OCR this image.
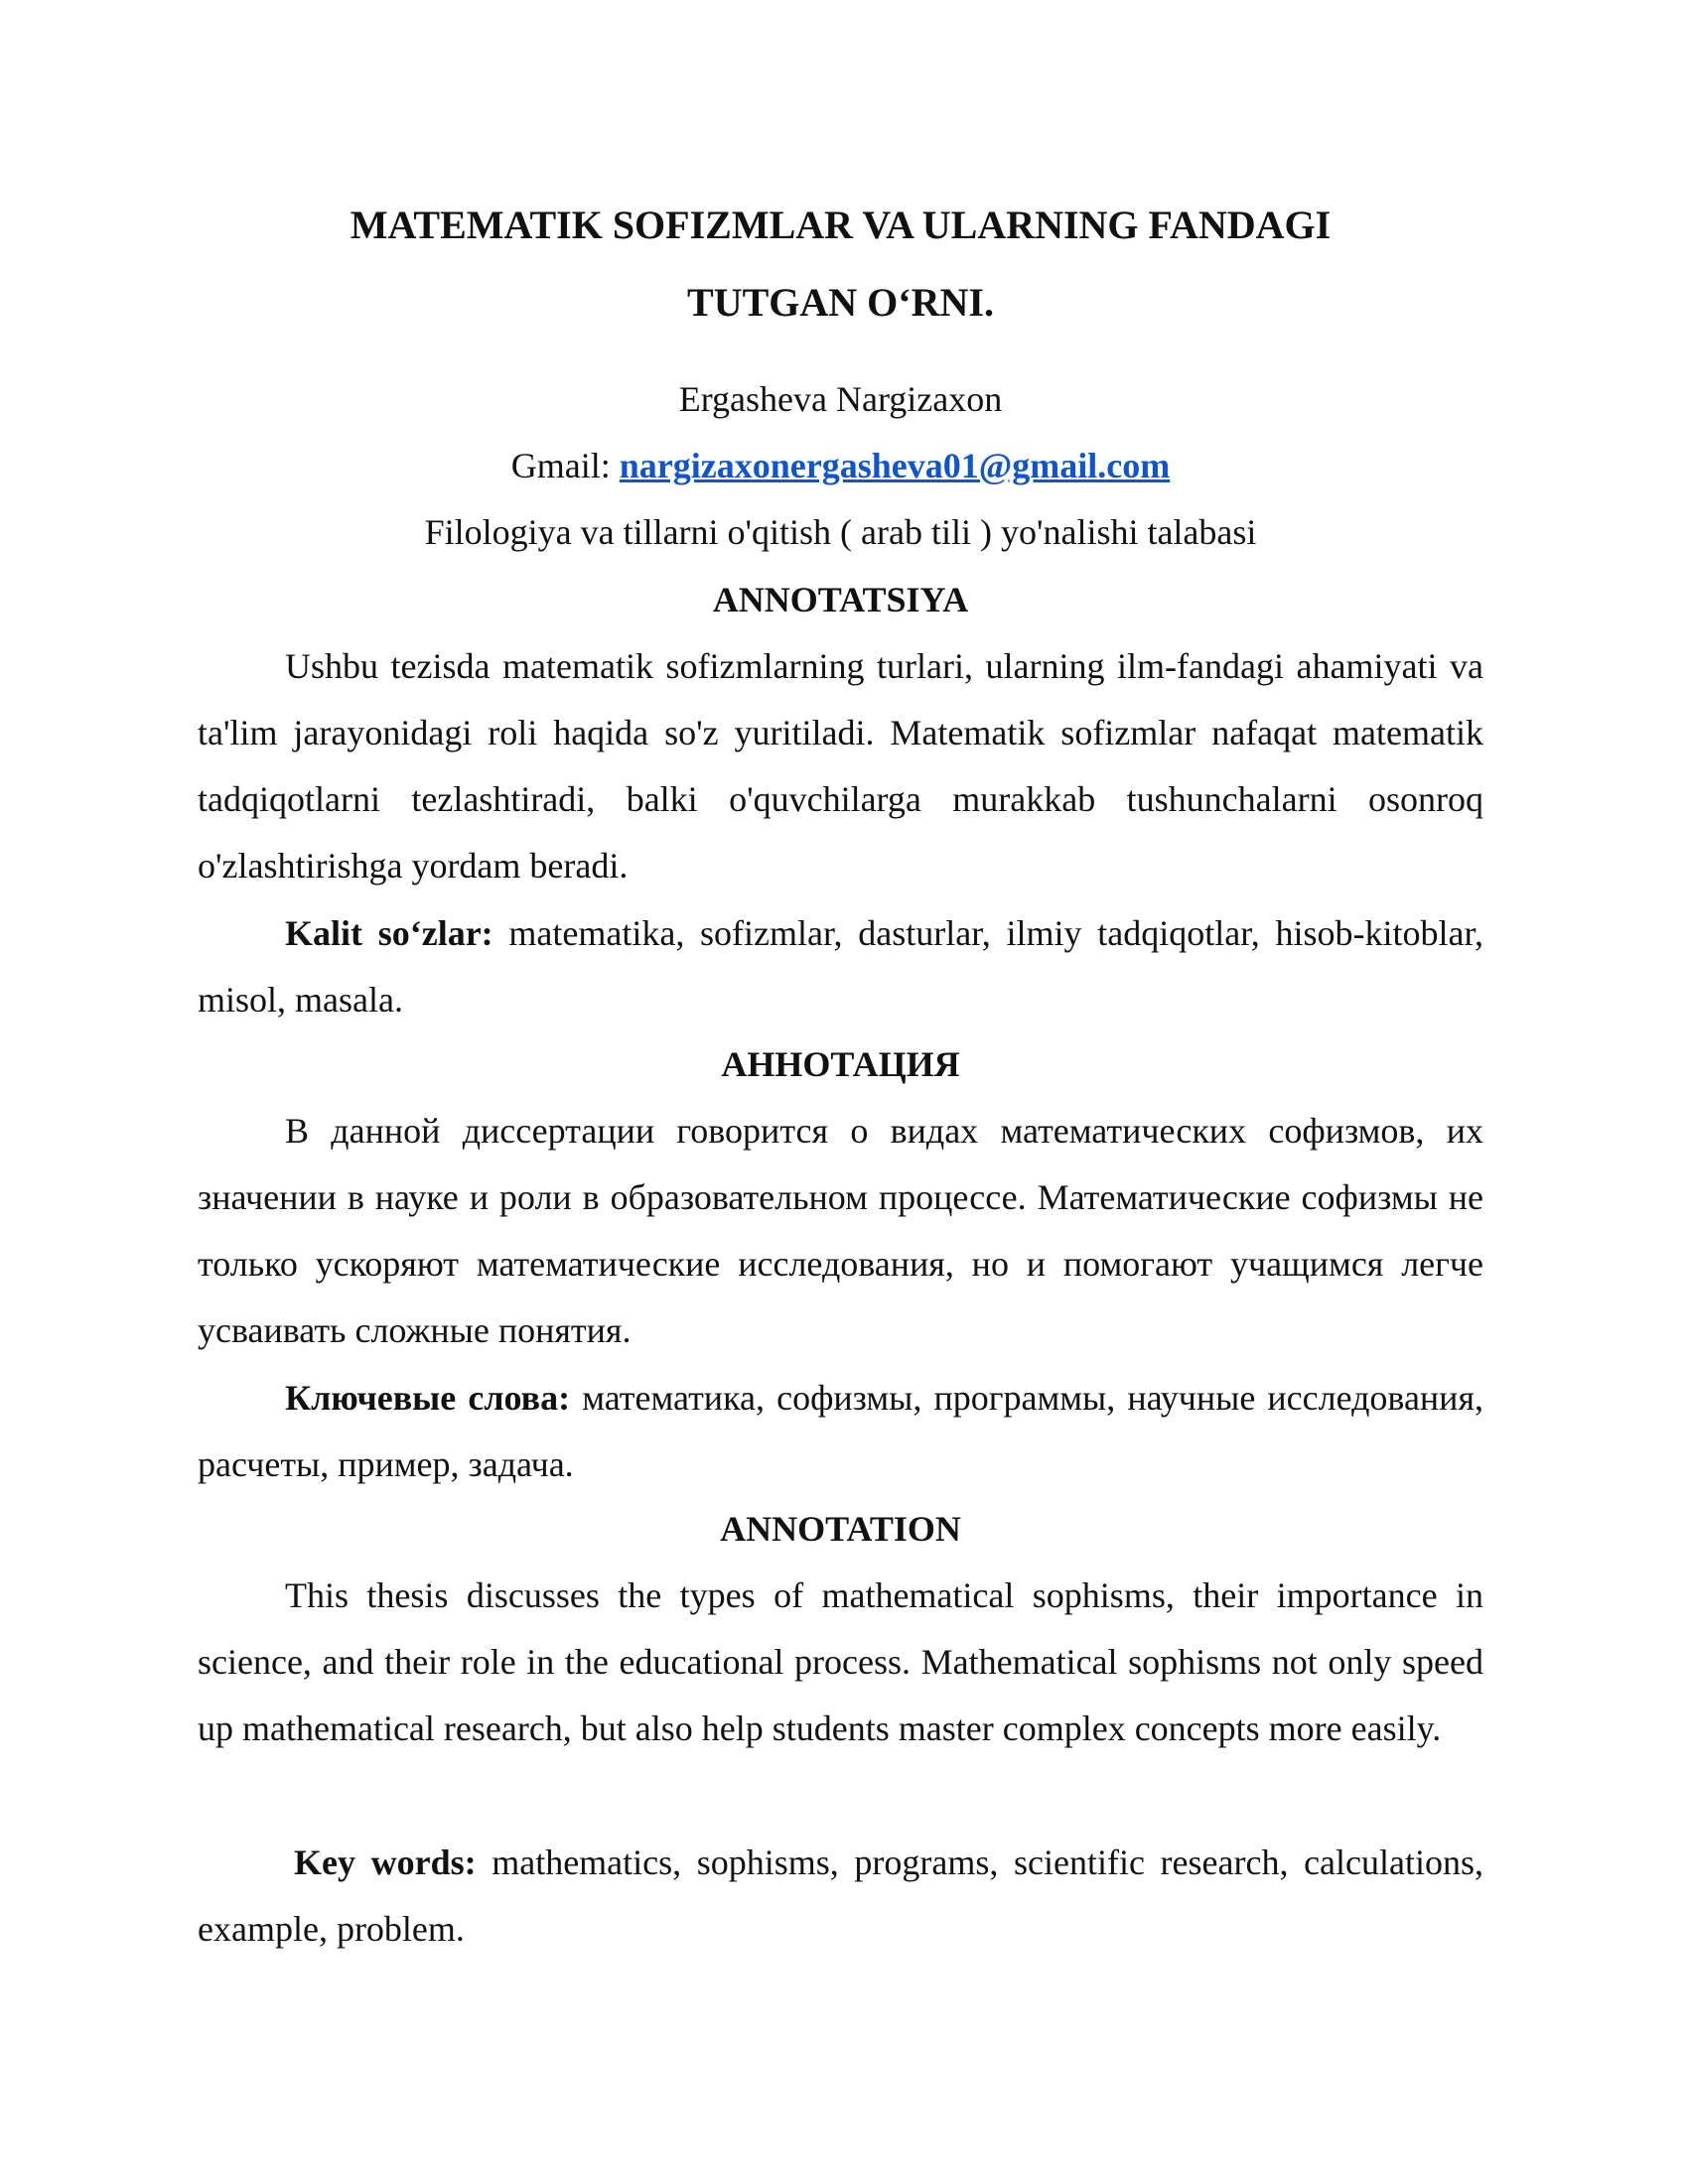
MATEMATIK SOFIZMLAR VA ULARNING FANDAGI
TUTGAN O‘RNI.

Ergasheva Nargizaxon

Gmail: nargizaxonergasheva01@gmail.com

Filologiya va tillarni o'qitish ( arab tili ) yo'nalishi talabasi

ANNOTATSIYA

Ushbu tezisda matematik sofizmlarning turlari, ularning ilm-fandagi ahamiyati va ta'lim jarayonidagi roli haqida so'z yuritiladi. Matematik sofizmlar nafaqat matematik tadqiqotlarni tezlashtiradi, balki o'quvchilarga murakkab tushunchalarni osonroq o'zlashtirishga yordam beradi.

Kalit so‘zlar: matematika, sofizmlar, dasturlar, ilmiy tadqiqotlar, hisob-kitoblar, misol, masala.

АННОТАЦИЯ

В данной диссертации говорится о видах математических софизмов, их значении в науке и роли в образовательном процессе. Математические софизмы не только ускоряют математические исследования, но и помогают учащимся легче усваивать сложные понятия.

Ключевые слова: математика, софизмы, программы, научные исследования, расчеты, пример, задача.

ANNOTATION

This thesis discusses the types of mathematical sophisms, their importance in science, and their role in the educational process. Mathematical sophisms not only speed up mathematical research, but also help students master complex concepts more easily.

Key words: mathematics, sophisms, programs, scientific research, calculations, example, problem.
